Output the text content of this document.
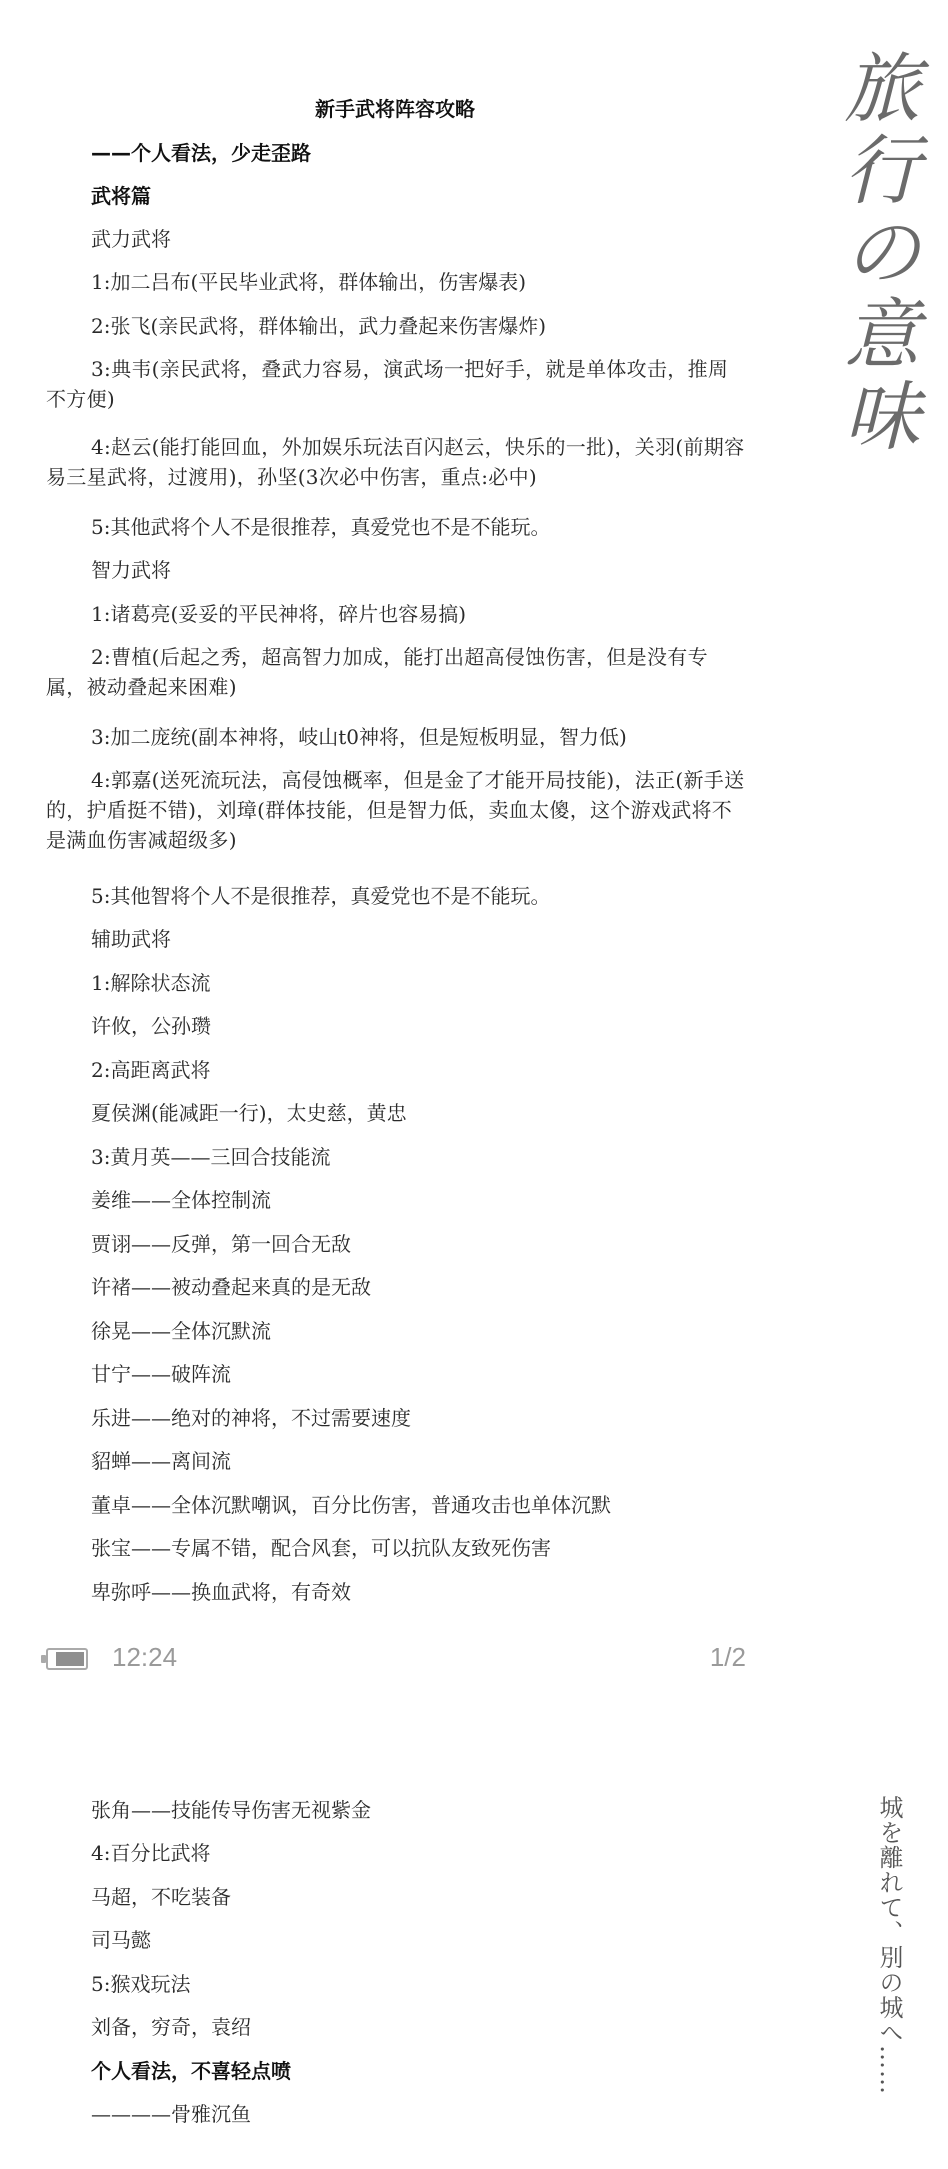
新手武将阵容攻略
——个人看法，少走歪路
武将篇
武力武将
1:加二吕布(平民毕业武将，群体输出，伤害爆表)
2:张飞(亲民武将，群体输出，武力叠起来伤害爆炸)
3:典韦(亲民武将，叠武力容易，演武场一把好手，就是单体攻击，推周不方便)
4:赵云(能打能回血，外加娱乐玩法百闪赵云，快乐的一批)，关羽(前期容易三星武将，过渡用)，孙坚(3次必中伤害，重点:必中)
5:其他武将个人不是很推荐，真爱党也不是不能玩。
智力武将
1:诸葛亮(妥妥的平民神将，碎片也容易搞)
2:曹植(后起之秀，超高智力加成，能打出超高侵蚀伤害，但是没有专属，被动叠起来困难)
3:加二庞统(副本神将，岐山t0神将，但是短板明显，智力低)
4:郭嘉(送死流玩法，高侵蚀概率，但是金了才能开局技能)，法正(新手送的，护盾挺不错)，刘璋(群体技能，但是智力低，卖血太傻，这个游戏武将不是满血伤害减超级多)
5:其他智将个人不是很推荐，真爱党也不是不能玩。
辅助武将
1:解除状态流
许攸，公孙瓒
2:高距离武将
夏侯渊(能减距一行)，太史慈，黄忠
3:黄月英——三回合技能流
姜维——全体控制流
贾诩——反弹，第一回合无敌
许褚——被动叠起来真的是无敌
徐晃——全体沉默流
甘宁——破阵流
乐进——绝对的神将，不过需要速度
貂蝉——离间流
董卓——全体沉默嘲讽，百分比伤害，普通攻击也单体沉默
张宝——专属不错，配合风套，可以抗队友致死伤害
卑弥呼——换血武将，有奇效
12:24	1/2
张角——技能传导伤害无视紫金
4:百分比武将
马超，不吃装备
司马懿
5:猴戏玩法
刘备，穷奇，袁绍
个人看法，不喜轻点喷
————骨雅沉鱼
旅
行
の
意
味
城を離れて、別の城へ……
